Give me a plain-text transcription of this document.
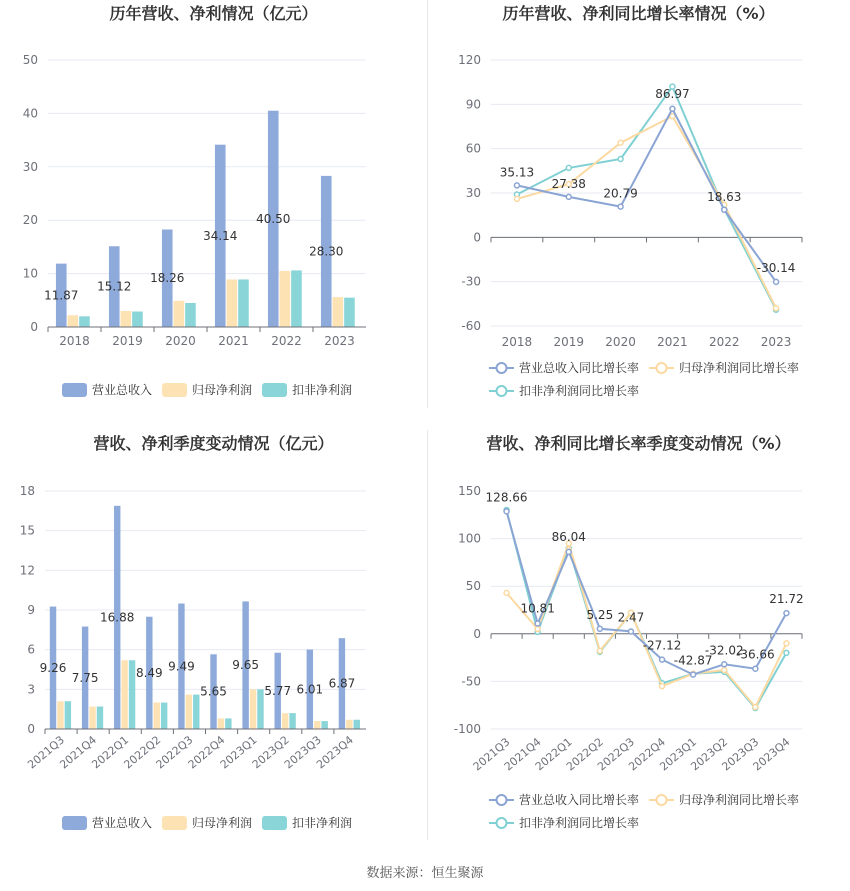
历年营收、净利情况（亿元）
0
10
20
30
40
50
11.87
15.12
18.26
34.14
40.50
28.30
2018 2019 2020 2021 2022 2023
营业总收入	归母净利润	扣非净利润
历年营收、净利同比增长率情况（%）
-60
-30
0
30
60
90
120
35.13
27.38
20.79
86.97
18.63
-30.14
2018 2019 2020 2021 2022 2023
营业总收入同比增长率	归母净利润同比增长率
扣非净利润同比增长率
营收、净利季度变动情况（亿元）
0
3
6
9
12
15
18
9.26
7.75
16.88
8.49 9.49
5.65
9.65
5.77 6.01 6.87
2021Q3
2021Q4
2022Q1
2022Q2
2022Q3
2022Q4
2023Q1
2023Q2
2023Q3
2023Q4
营业总收入	归母净利润	扣非净利润
营收、净利同比增长率季度变动情况（%）
-100
-50
0
50
100
150 128.66
10.81
86.04
5.25 2.47
-27.12
-42.87
-32.02
-36.66
21.72
2021Q3
2021Q4
2022Q1
2022Q2
2022Q3
2022Q4
2023Q1
2023Q2
2023Q3
2023Q4
营业总收入同比增长率	归母净利润同比增长率
扣非净利润同比增长率
数据来源：恒生聚源
